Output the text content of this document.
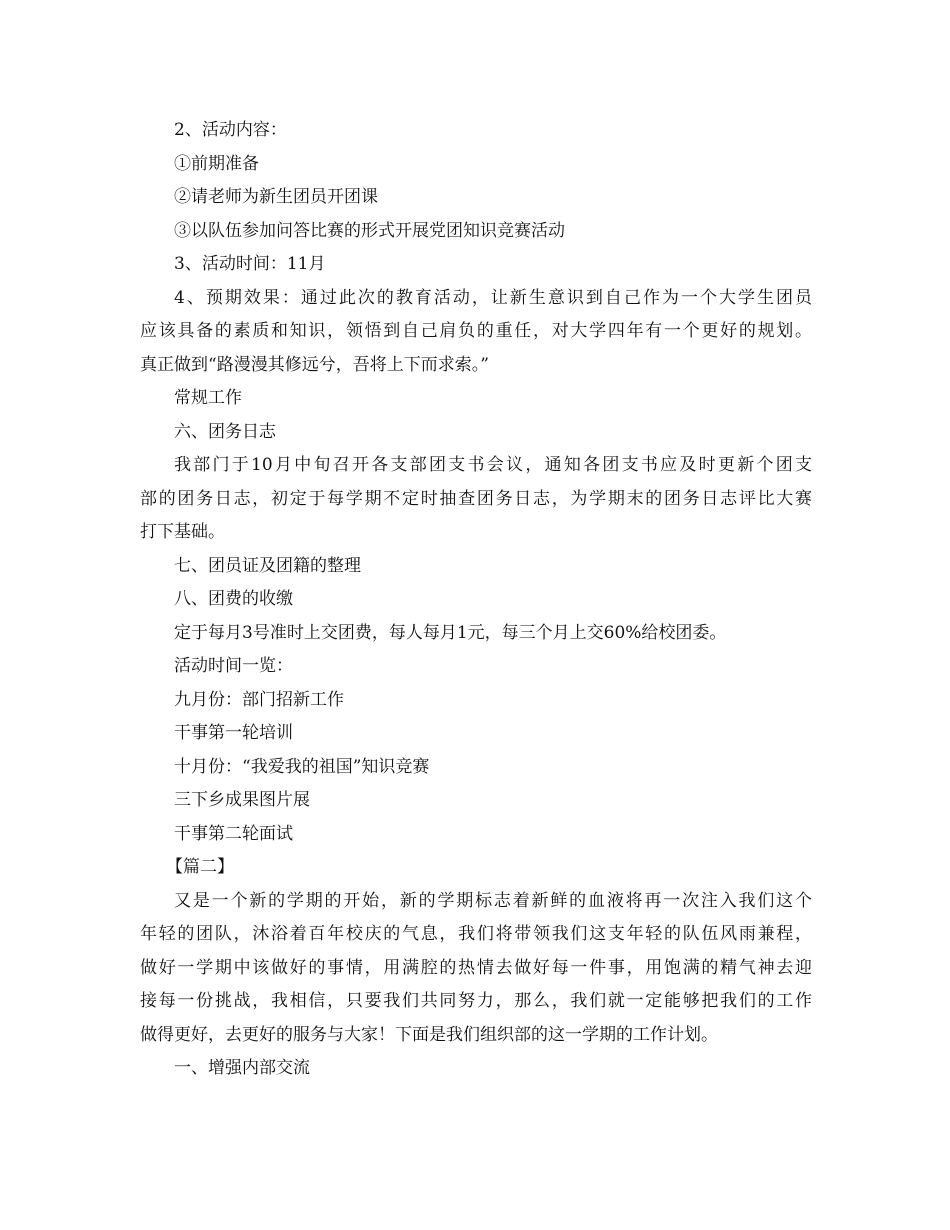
2、活动内容：

①前期准备

②请老师为新生团员开团课

③以队伍参加问答比赛的形式开展党团知识竞赛活动

3、活动时间：11月

4、预期效果：通过此次的教育活动，让新生意识到自己作为一个大学生团员

应该具备的素质和知识，领悟到自己肩负的重任，对大学四年有一个更好的规划。

真正做到“路漫漫其修远兮，吾将上下而求索。”

常规工作

六、团务日志

我部门于10月中旬召开各支部团支书会议，通知各团支书应及时更新个团支

部的团务日志，初定于每学期不定时抽查团务日志，为学期末的团务日志评比大赛

打下基础。

七、团员证及团籍的整理

八、团费的收缴

定于每月3号准时上交团费，每人每月1元，每三个月上交60%给校团委。

活动时间一览：

九月份：部门招新工作

干事第一轮培训

十月份：“我爱我的祖国”知识竞赛

三下乡成果图片展

干事第二轮面试

【篇二】

又是一个新的学期的开始，新的学期标志着新鲜的血液将再一次注入我们这个

年轻的团队，沐浴着百年校庆的气息，我们将带领我们这支年轻的队伍风雨兼程，

做好一学期中该做好的事情，用满腔的热情去做好每一件事，用饱满的精气神去迎

接每一份挑战，我相信，只要我们共同努力，那么，我们就一定能够把我们的工作

做得更好，去更好的服务与大家！下面是我们组织部的这一学期的工作计划。

一、增强内部交流
